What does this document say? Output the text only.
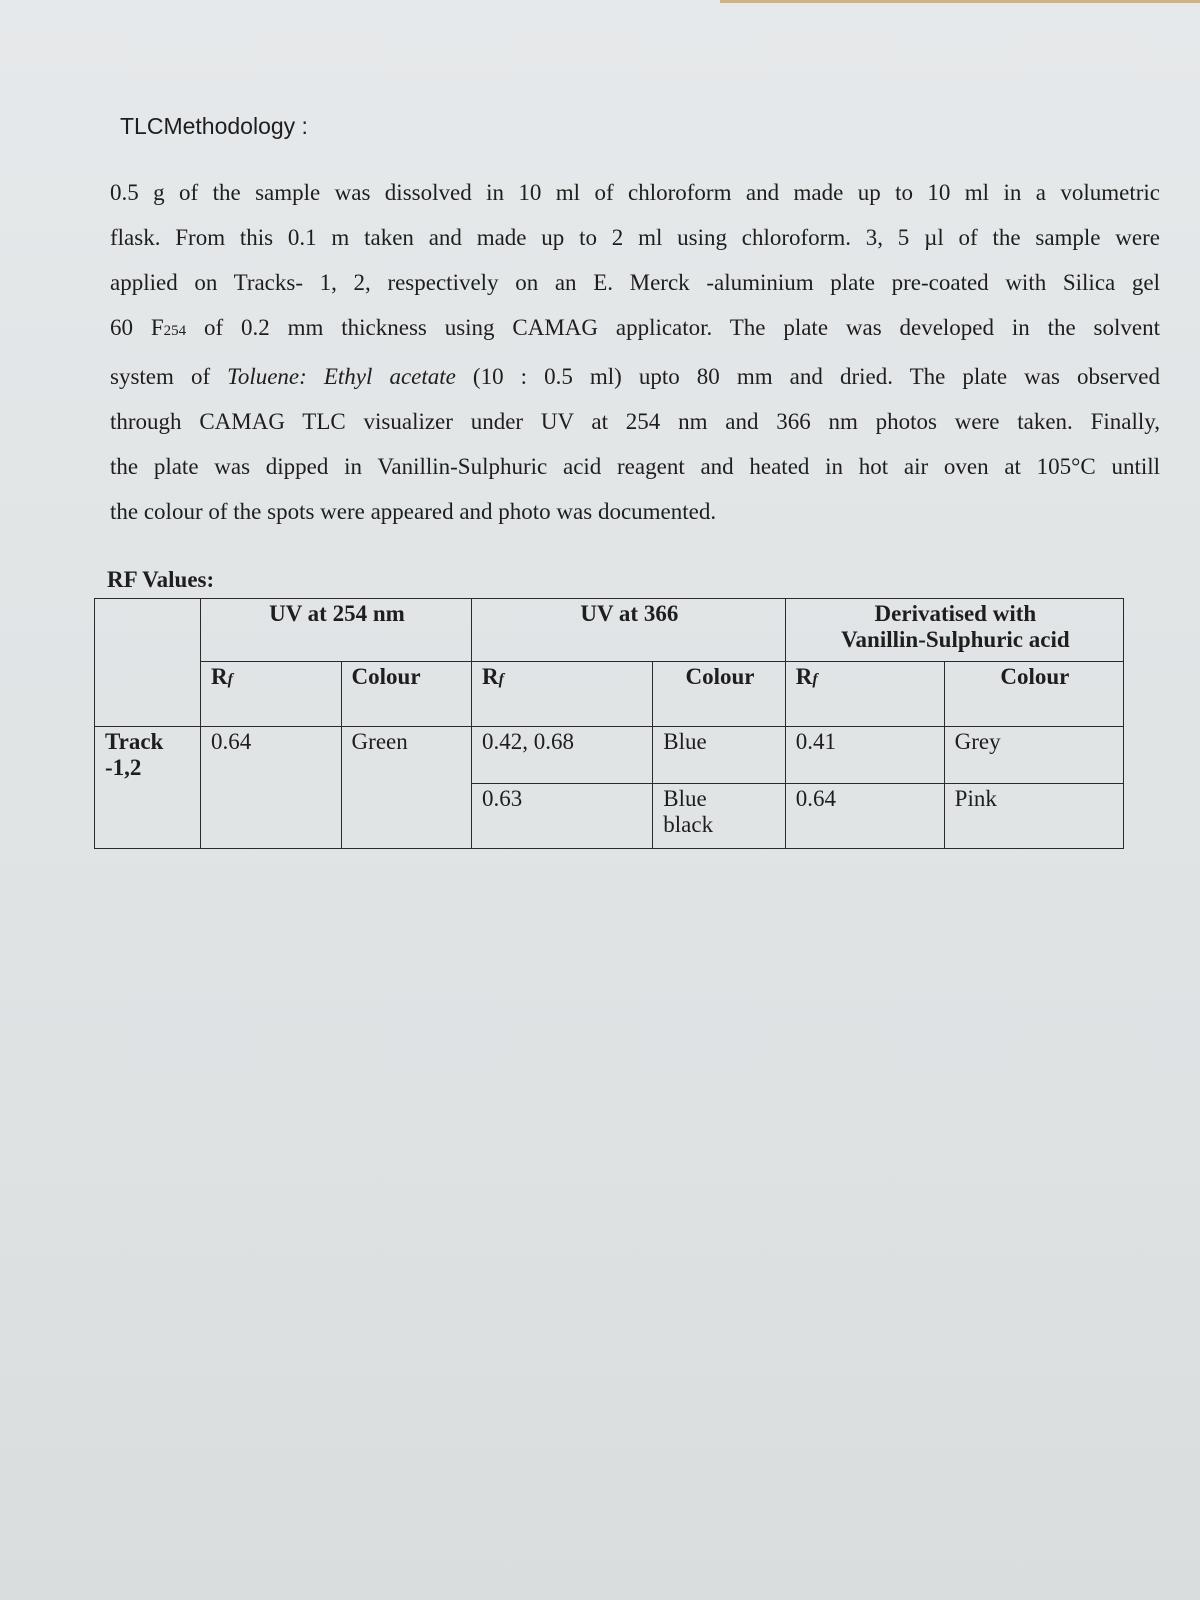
TLCMethodology :
0.5 g of the sample was dissolved in 10 ml of chloroform and made up to 10 ml in a volumetric
flask. From this 0.1 m taken and made up to 2 ml using chloroform. 3, 5 µl of the sample were
applied on Tracks- 1, 2, respectively on an E. Merck -aluminium plate pre-coated with Silica gel
60 F254 of 0.2 mm thickness using CAMAG applicator. The plate was developed in the solvent
system of Toluene: Ethyl acetate (10 : 0.5 ml) upto 80 mm and dried. The plate was observed
through CAMAG TLC visualizer under UV at 254 nm and 366 nm photos were taken. Finally,
the plate was dipped in Vanillin-Sulphuric acid reagent and heated in hot air oven at 105°C untill
the colour of the spots were appeared and photo was documented.
RF Values:
	UV at 254 nm		UV at 366		Derivatised with
Vanillin-Sulphuric acid	

	Rf	Colour	Rf	Colour	Rf	Colour

Track
-1,2	0.64	Green	0.42, 0.68	Blue	0.41	Grey
			0.63	Blue
black	0.64	Pink
